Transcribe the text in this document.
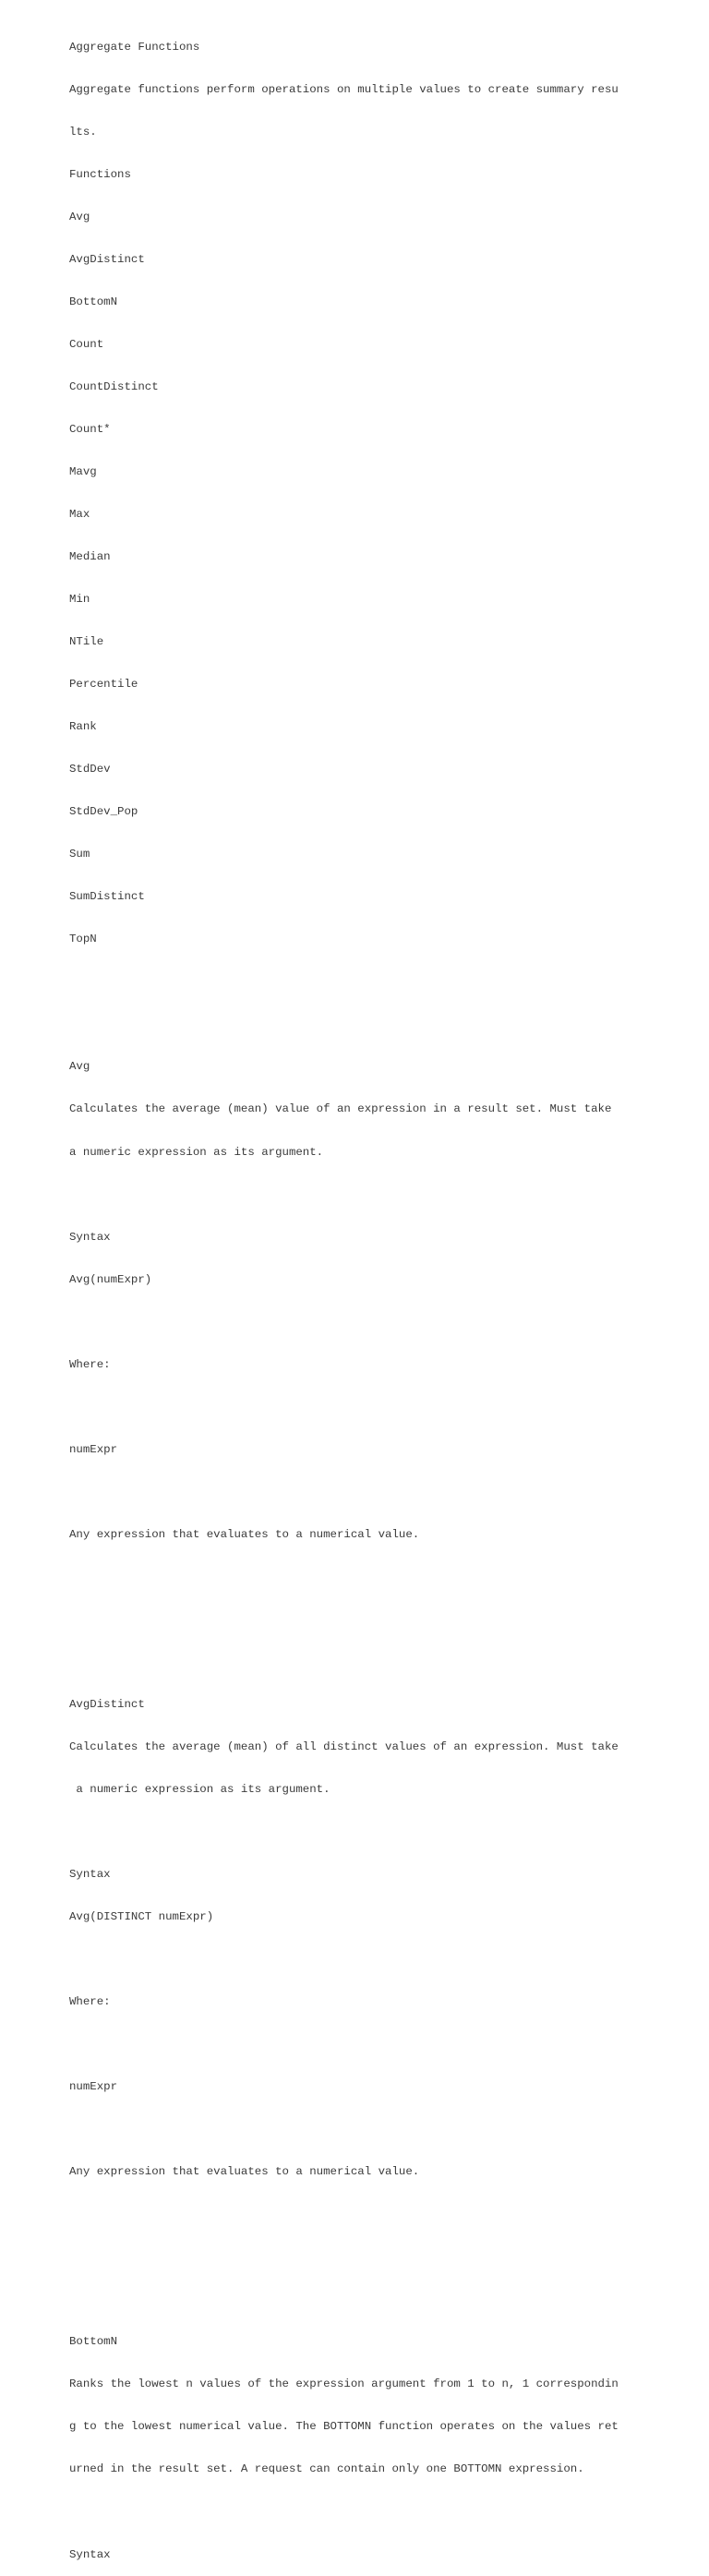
Aggregate Functions

Aggregate functions perform operations on multiple values to create summary resu

lts.

Functions

Avg

AvgDistinct

BottomN

Count

CountDistinct

Count*

Mavg

Max

Median

Min

NTile

Percentile

Rank

StdDev

StdDev_Pop

Sum

SumDistinct

TopN

Avg

Calculates the average (mean) value of an expression in a result set. Must take

a numeric expression as its argument.

Syntax

Avg(numExpr)

Where:

numExpr

Any expression that evaluates to a numerical value.

AvgDistinct

Calculates the average (mean) of all distinct values of an expression. Must take

a numeric expression as its argument.

Syntax

Avg(DISTINCT numExpr)

Where:

numExpr

Any expression that evaluates to a numerical value.

BottomN

Ranks the lowest n values of the expression argument from 1 to n, 1 correspondin

g to the lowest numerical value. The BOTTOMN function operates on the values ret

urned in the result set. A request can contain only one BOTTOMN expression.

Syntax
